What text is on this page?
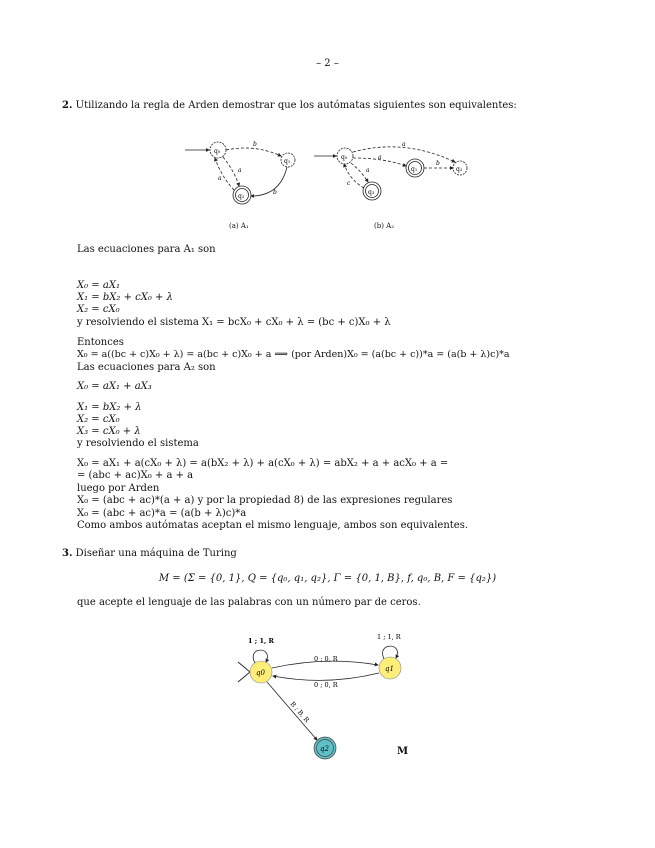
– 2 –
2. Utilizando la regla de Arden demostrar que los autómatas siguientes son equivalentes:
q₀
q₁
q₂
b
a
a
b
(a) A₁
q₀
q₁	q₂
q₃
a
a
b
c
a
(b) A₂
Las ecuaciones para A₁ son
X₀ = aX₁
X₁ = bX₂ + cX₀ + λ
X₂ = cX₀
y resolviendo el sistema X₁ = bcX₀ + cX₀ + λ = (bc + c)X₀ + λ
Entonces
X₀ = a((bc + c)X₀ + λ) = a(bc + c)X₀ + a ⟹ (por Arden)X₀ = (a(bc + c))*a = (a(b + λ)c)*a
Las ecuaciones para A₂ son
X₀ = aX₁ + aX₃
X₁ = bX₂ + λ
X₂ = cX₀
X₃ = cX₀ + λ
y resolviendo el sistema
X₀ = aX₁ + a(cX₀ + λ) = a(bX₂ + λ) + a(cX₀ + λ) = abX₂ + a + acX₀ + a =
= (abc + ac)X₀ + a + a
luego por Arden
X₀ = (abc + ac)*(a + a) y por la propiedad 8) de las expresiones regulares
X₀ = (abc + ac)*a = (a(b + λ)c)*a
Como ambos autómatas aceptan el mismo lenguaje, ambos son equivalentes.
3. Diseñar una máquina de Turing
M = (Σ = {0, 1}, Q = {q₀, q₁, q₂}, Γ = {0, 1, B}, f, q₀, B, F = {q₂})
que acepte el lenguaje de las palabras con un número par de ceros.
q0
1 ; 1, R
q1
1 ; 1, R
0 ; 0, R
0 ; 0, R
q2
B ; B, R
M
